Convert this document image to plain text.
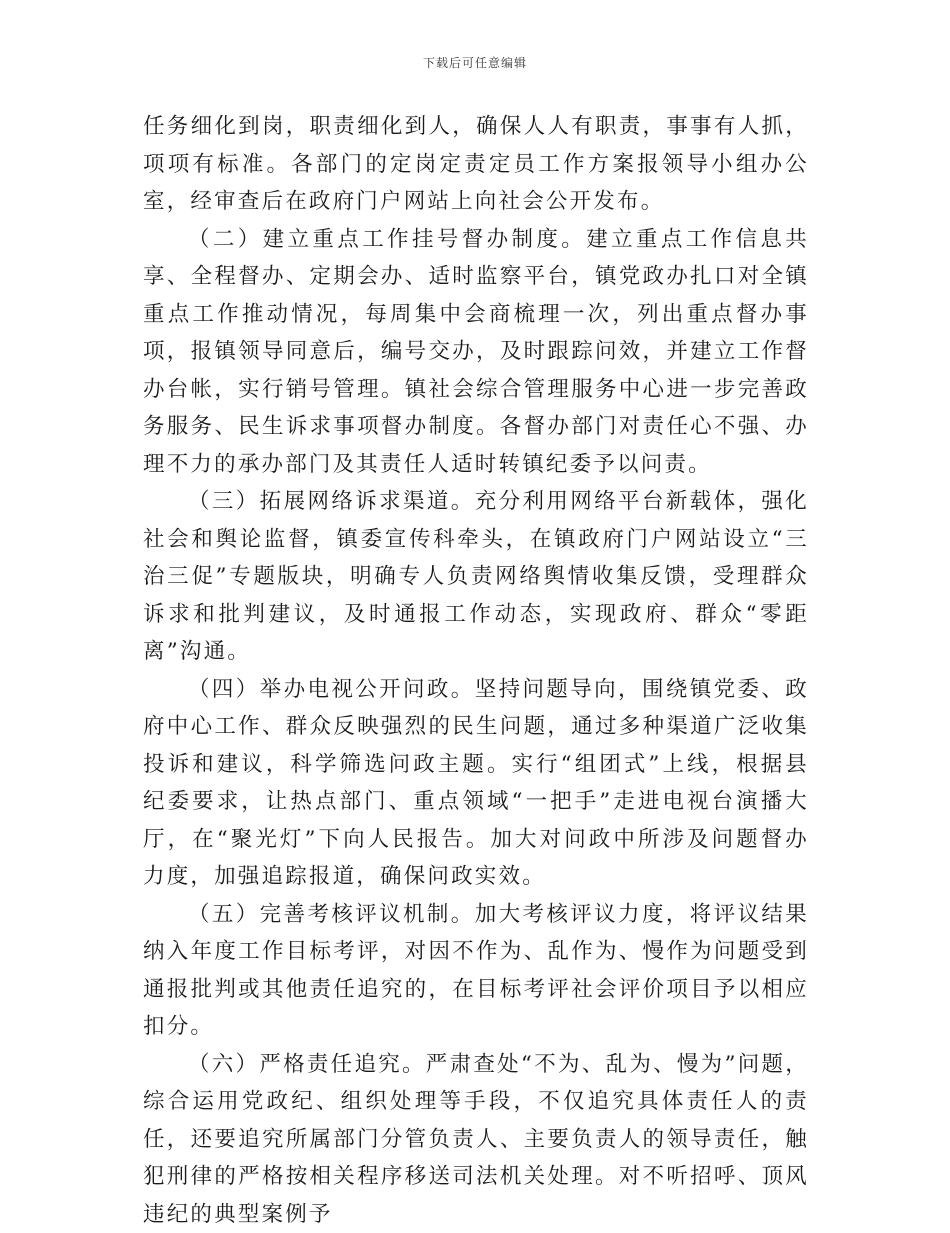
下载后可任意编辑

任务细化到岗，职责细化到人，确保人人有职责，事事有人抓，项项有标准。各部门的定岗定责定员工作方案报领导小组办公室，经审查后在政府门户网站上向社会公开发布。

（二）建立重点工作挂号督办制度。建立重点工作信息共享、全程督办、定期会办、适时监察平台，镇党政办扎口对全镇重点工作推动情况，每周集中会商梳理一次，列出重点督办事项，报镇领导同意后，编号交办，及时跟踪问效，并建立工作督办台帐，实行销号管理。镇社会综合管理服务中心进一步完善政务服务、民生诉求事项督办制度。各督办部门对责任心不强、办理不力的承办部门及其责任人适时转镇纪委予以问责。

（三）拓展网络诉求渠道。充分利用网络平台新载体，强化社会和舆论监督，镇委宣传科牵头，在镇政府门户网站设立“三治三促”专题版块，明确专人负责网络舆情收集反馈，受理群众诉求和批判建议，及时通报工作动态，实现政府、群众“零距离”沟通。

（四）举办电视公开问政。坚持问题导向，围绕镇党委、政府中心工作、群众反映强烈的民生问题，通过多种渠道广泛收集投诉和建议，科学筛选问政主题。实行“组团式”上线，根据县纪委要求，让热点部门、重点领域“一把手”走进电视台演播大厅，在“聚光灯”下向人民报告。加大对问政中所涉及问题督办力度，加强追踪报道，确保问政实效。

（五）完善考核评议机制。加大考核评议力度，将评议结果纳入年度工作目标考评，对因不作为、乱作为、慢作为问题受到通报批判或其他责任追究的，在目标考评社会评价项目予以相应扣分。

（六）严格责任追究。严肃查处“不为、乱为、慢为”问题，综合运用党政纪、组织处理等手段，不仅追究具体责任人的责任，还要追究所属部门分管负责人、主要负责人的领导责任，触犯刑律的严格按相关程序移送司法机关处理。对不听招呼、顶风违纪的典型案例予
